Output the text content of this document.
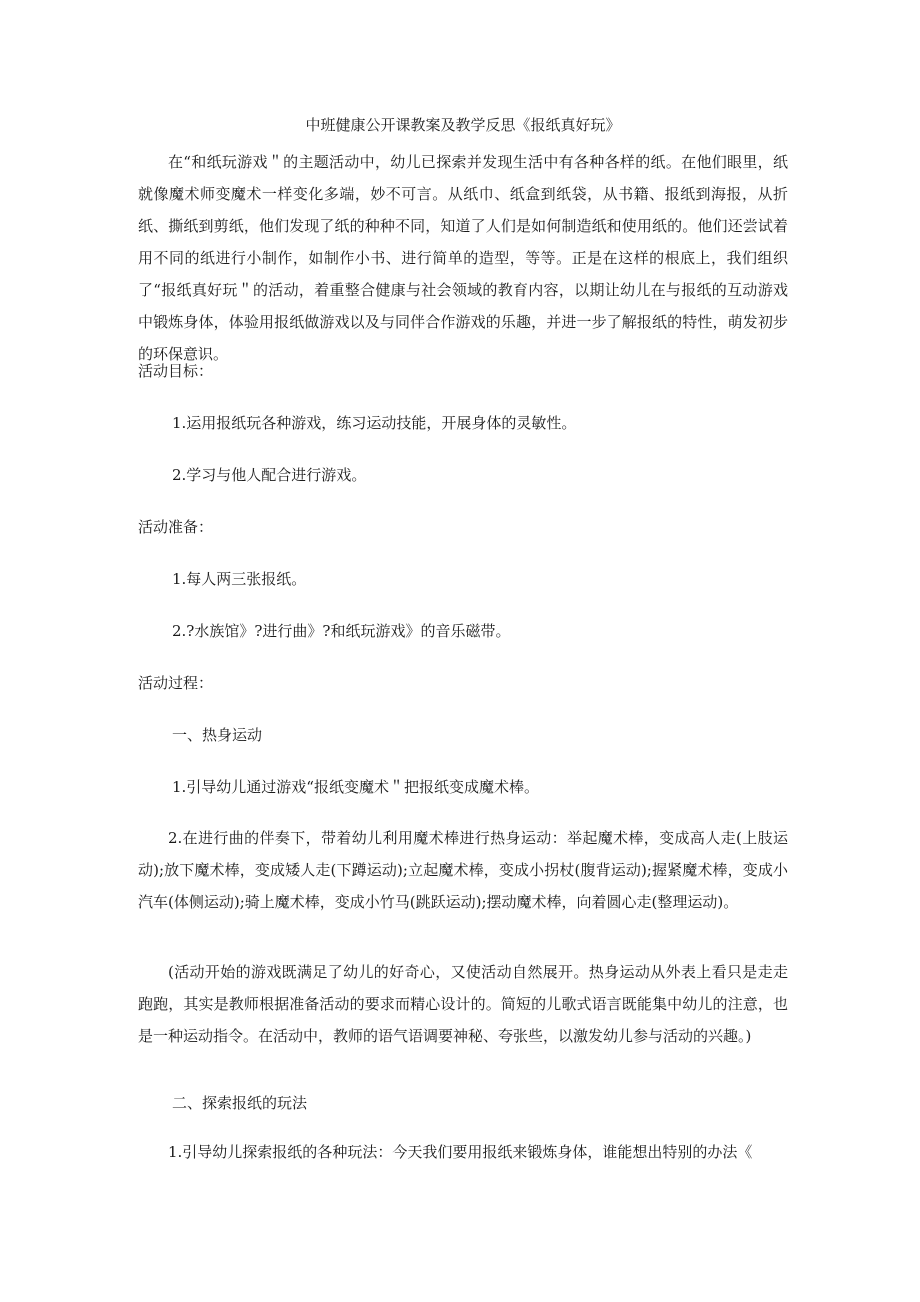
中班健康公开课教案及教学反思《报纸真好玩》

在“和纸玩游戏＂的主题活动中，幼儿已探索并发现生活中有各种各样的纸。在他们眼里，纸就像魔术师变魔术一样变化多端，妙不可言。从纸巾、纸盒到纸袋，从书籍、报纸到海报，从折纸、撕纸到剪纸，他们发现了纸的种种不同，知道了人们是如何制造纸和使用纸的。他们还尝试着用不同的纸进行小制作，如制作小书、进行简单的造型，等等。正是在这样的根底上，我们组织了“报纸真好玩＂的活动，着重整合健康与社会领域的教育内容，以期让幼儿在与报纸的互动游戏中锻炼身体，体验用报纸做游戏以及与同伴合作游戏的乐趣，并进一步了解报纸的特性，萌发初步的环保意识。

活动目标：

1.运用报纸玩各种游戏，练习运动技能，开展身体的灵敏性。

2.学习与他人配合进行游戏。

活动准备：

1.每人两三张报纸。

2.?水族馆》?进行曲》?和纸玩游戏》的音乐磁带。

活动过程：

一、热身运动

1.引导幼儿通过游戏“报纸变魔术＂把报纸变成魔术棒。

2.在进行曲的伴奏下，带着幼儿利用魔术棒进行热身运动：举起魔术棒，变成高人走(上肢运动);放下魔术棒，变成矮人走(下蹲运动);立起魔术棒，变成小拐杖(腹背运动);握紧魔术棒，变成小汽车(体侧运动);骑上魔术棒，变成小竹马(跳跃运动);摆动魔术棒，向着圆心走(整理运动)。

(活动开始的游戏既满足了幼儿的好奇心，又使活动自然展开。热身运动从外表上看只是走走跑跑，其实是教师根据准备活动的要求而精心设计的。简短的儿歌式语言既能集中幼儿的注意，也是一种运动指令。在活动中，教师的语气语调要神秘、夸张些，以激发幼儿参与活动的兴趣。)

二、探索报纸的玩法

1.引导幼儿探索报纸的各种玩法：今天我们要用报纸来锻炼身体，谁能想出特别的办法《
